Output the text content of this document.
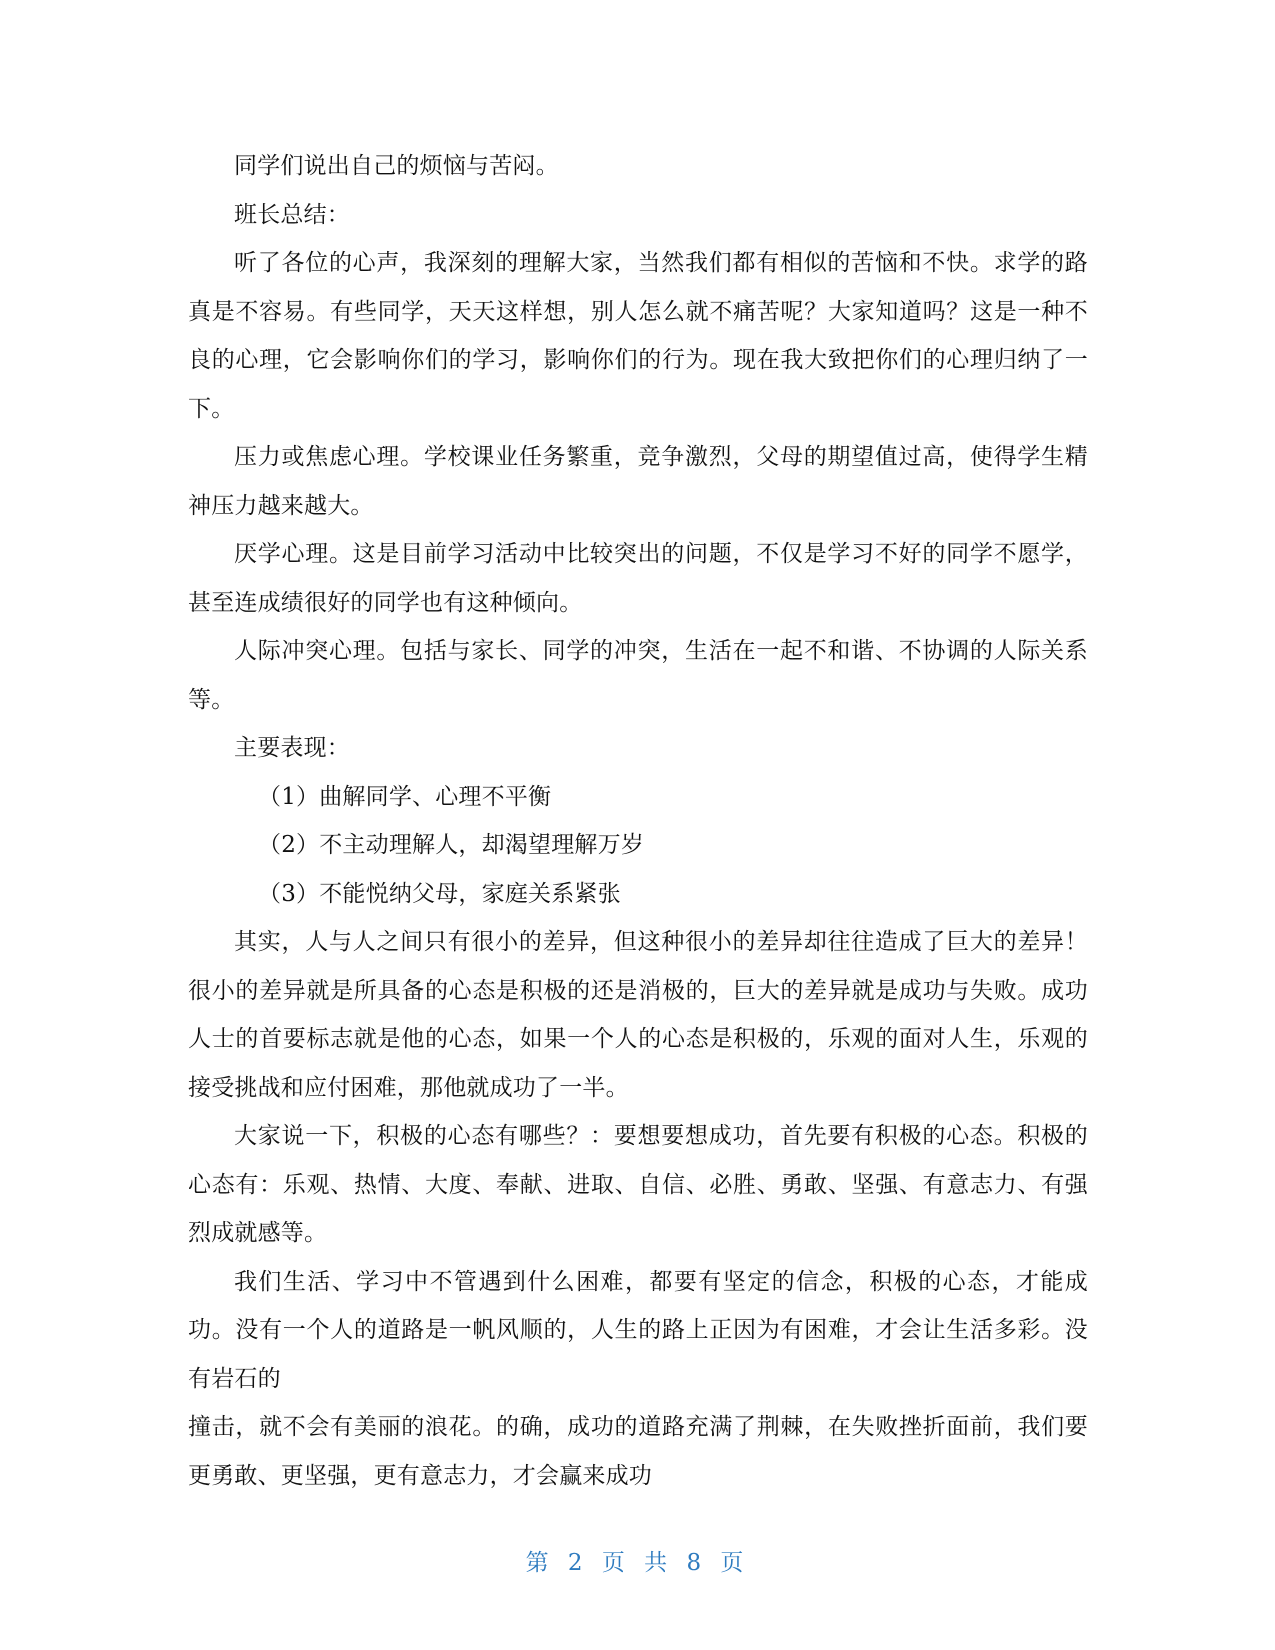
同学们说出自己的烦恼与苦闷。

班长总结：

听了各位的心声，我深刻的理解大家，当然我们都有相似的苦恼和不快。求学的路真是不容易。有些同学，天天这样想，别人怎么就不痛苦呢？大家知道吗？这是一种不良的心理，它会影响你们的学习，影响你们的行为。现在我大致把你们的心理归纳了一下。

压力或焦虑心理。学校课业任务繁重，竞争激烈，父母的期望值过高，使得学生精神压力越来越大。

厌学心理。这是目前学习活动中比较突出的问题，不仅是学习不好的同学不愿学，甚至连成绩很好的同学也有这种倾向。

人际冲突心理。包括与家长、同学的冲突，生活在一起不和谐、不协调的人际关系等。

主要表现：

（1）曲解同学、心理不平衡

（2）不主动理解人，却渴望理解万岁

（3）不能悦纳父母，家庭关系紧张

其实，人与人之间只有很小的差异，但这种很小的差异却往往造成了巨大的差异！很小的差异就是所具备的心态是积极的还是消极的，巨大的差异就是成功与失败。成功人士的首要标志就是他的心态，如果一个人的心态是积极的，乐观的面对人生，乐观的接受挑战和应付困难，那他就成功了一半。

大家说一下，积极的心态有哪些？：要想要想成功，首先要有积极的心态。积极的心态有：乐观、热情、大度、奉献、进取、自信、必胜、勇敢、坚强、有意志力、有强烈成就感等。

我们生活、学习中不管遇到什么困难，都要有坚定的信念，积极的心态，才能成功。没有一个人的道路是一帆风顺的，人生的路上正因为有困难，才会让生活多彩。没有岩石的

撞击，就不会有美丽的浪花。的确，成功的道路充满了荆棘，在失败挫折面前，我们要更勇敢、更坚强，更有意志力，才会赢来成功

第 2 页 共 8 页
